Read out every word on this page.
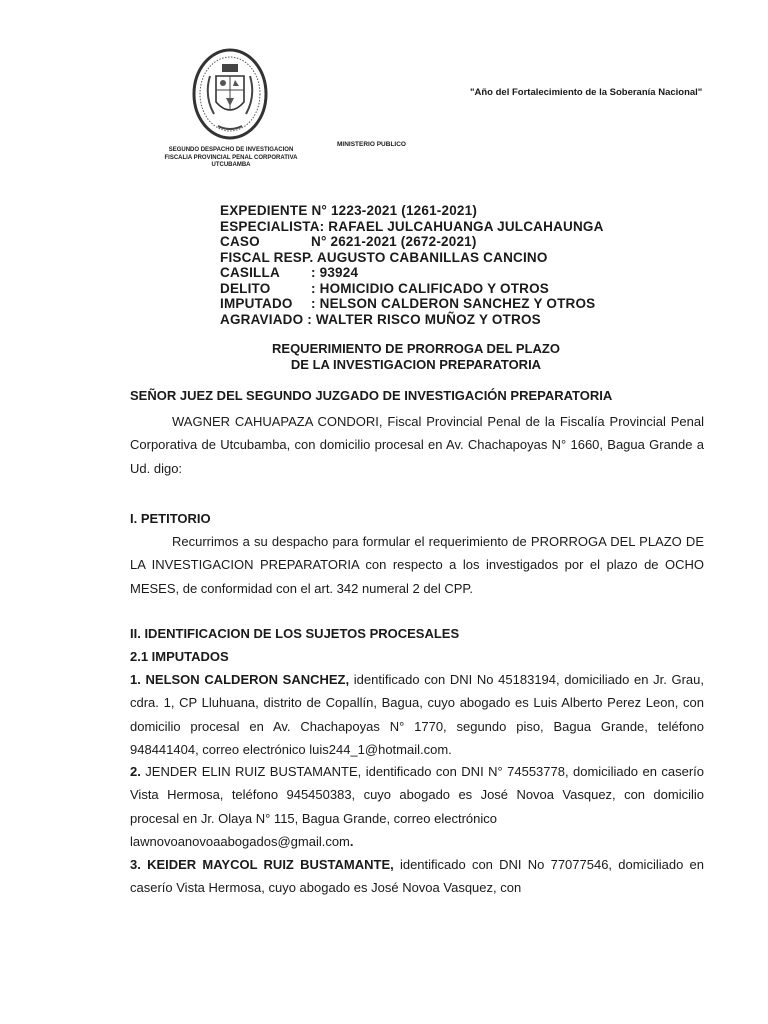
SEGUNDO DESPACHO DE INVESTIGACION
FISCALIA PROVINCIAL PENAL CORPORATIVA
UTCUBAMBA
MINISTERIO PUBLICO
"Año del Fortalecimiento de la Soberanía Nacional"
EXPEDIENTE N° 1223-2021 (1261-2021)
ESPECIALISTA: RAFAEL JULCAHUANGA JULCAHAUNGA
CASO	N° 2621-2021 (2672-2021)
FISCAL RESP. AUGUSTO CABANILLAS CANCINO
CASILLA	: 93924
DELITO	: HOMICIDIO CALIFICADO Y OTROS
IMPUTADO	: NELSON CALDERON SANCHEZ Y OTROS
AGRAVIADO : WALTER RISCO MUÑOZ Y OTROS
REQUERIMIENTO DE PRORROGA DEL PLAZO
DE LA INVESTIGACION PREPARATORIA
SEÑOR JUEZ DEL SEGUNDO JUZGADO DE INVESTIGACIÓN PREPARATORIA
WAGNER CAHUAPAZA CONDORI, Fiscal Provincial Penal de la Fiscalía Provincial Penal Corporativa de Utcubamba, con domicilio procesal en Av. Chachapoyas N° 1660, Bagua Grande a Ud. digo:
I. PETITORIO
Recurrimos a su despacho para formular el requerimiento de PRORROGA DEL PLAZO DE LA INVESTIGACION PREPARATORIA con respecto a los investigados por el plazo de OCHO MESES, de conformidad con el art. 342 numeral 2 del CPP.
II. IDENTIFICACION DE LOS SUJETOS PROCESALES
2.1 IMPUTADOS
1. NELSON CALDERON SANCHEZ, identificado con DNI No 45183194, domiciliado en Jr. Grau, cdra. 1, CP Lluhuana, distrito de Copallín, Bagua, cuyo abogado es Luis Alberto Perez Leon, con domicilio procesal en Av. Chachapoyas N° 1770, segundo piso, Bagua Grande, teléfono 948441404, correo electrónico luis244_1@hotmail.com.
2. JENDER ELIN RUIZ BUSTAMANTE, identificado con DNI N° 74553778, domiciliado en caserío Vista Hermosa, teléfono 945450383, cuyo abogado es José Novoa Vasquez, con domicilio procesal en Jr. Olaya N° 115, Bagua Grande, correo electrónico
lawnovoanovoaabogados@gmail.com.
3. KEIDER MAYCOL RUIZ BUSTAMANTE, identificado con DNI No 77077546, domiciliado en caserío Vista Hermosa, cuyo abogado es José Novoa Vasquez, con
